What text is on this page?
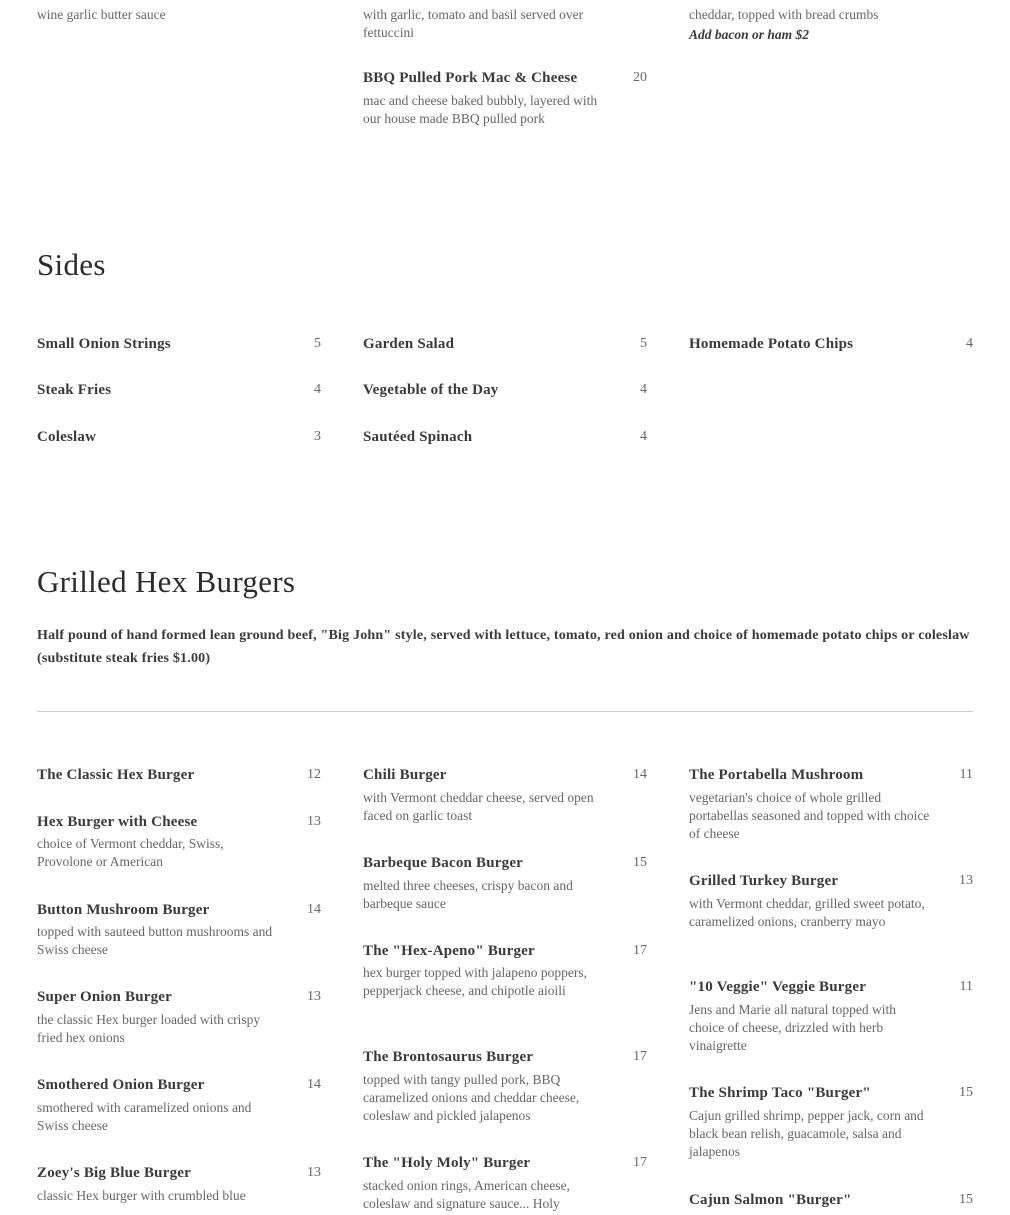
wine garlic butter sauce	with garlic, tomato and basil served over fettuccini
BBQ Pulled Pork Mac & Cheese	20
mac and cheese baked bubbly, layered with our house made BBQ pulled pork
cheddar, topped with bread crumbs
Add bacon or ham $2
Sides
Small Onion Strings	5
Steak Fries	4
Coleslaw	3
Garden Salad	5
Vegetable of the Day	4
Sautéed Spinach	4
Homemade Potato Chips	4
Grilled Hex Burgers
Half pound of hand formed lean ground beef, "Big John" style, served with lettuce, tomato, red onion and choice of homemade potato chips or coleslaw (substitute steak fries $1.00)
The Classic Hex Burger	12
Hex Burger with Cheese	13
choice of Vermont cheddar, Swiss, Provolone or American
Button Mushroom Burger	14
topped with sauteed button mushrooms and Swiss cheese
Super Onion Burger	13
the classic Hex burger loaded with crispy fried hex onions
Smothered Onion Burger	14
smothered with caramelized onions and Swiss cheese
Zoey's Big Blue Burger	13
classic Hex burger with crumbled blue
Chili Burger	14
with Vermont cheddar cheese, served open faced on garlic toast
Barbeque Bacon Burger	15
melted three cheeses, crispy bacon and barbeque sauce
The "Hex-Apeno" Burger	17
hex burger topped with jalapeno poppers, pepperjack cheese, and chipotle aioili
The Brontosaurus Burger	17
topped with tangy pulled pork, BBQ caramelized onions and cheddar cheese, coleslaw and pickled jalapenos
The "Holy Moly" Burger	17
stacked onion rings, American cheese, coleslaw and signature sauce... Holy
The Portabella Mushroom	11
vegetarian's choice of whole grilled portabellas seasoned and topped with choice of cheese
Grilled Turkey Burger	13
with Vermont cheddar, grilled sweet potato, caramelized onions, cranberry mayo
"10 Veggie" Veggie Burger	11
Jens and Marie all natural topped with choice of cheese, drizzled with herb vinaigrette
The Shrimp Taco "Burger"	15
Cajun grilled shrimp, pepper jack, corn and black bean relish, guacamole, salsa and jalapenos
Cajun Salmon "Burger"	15
